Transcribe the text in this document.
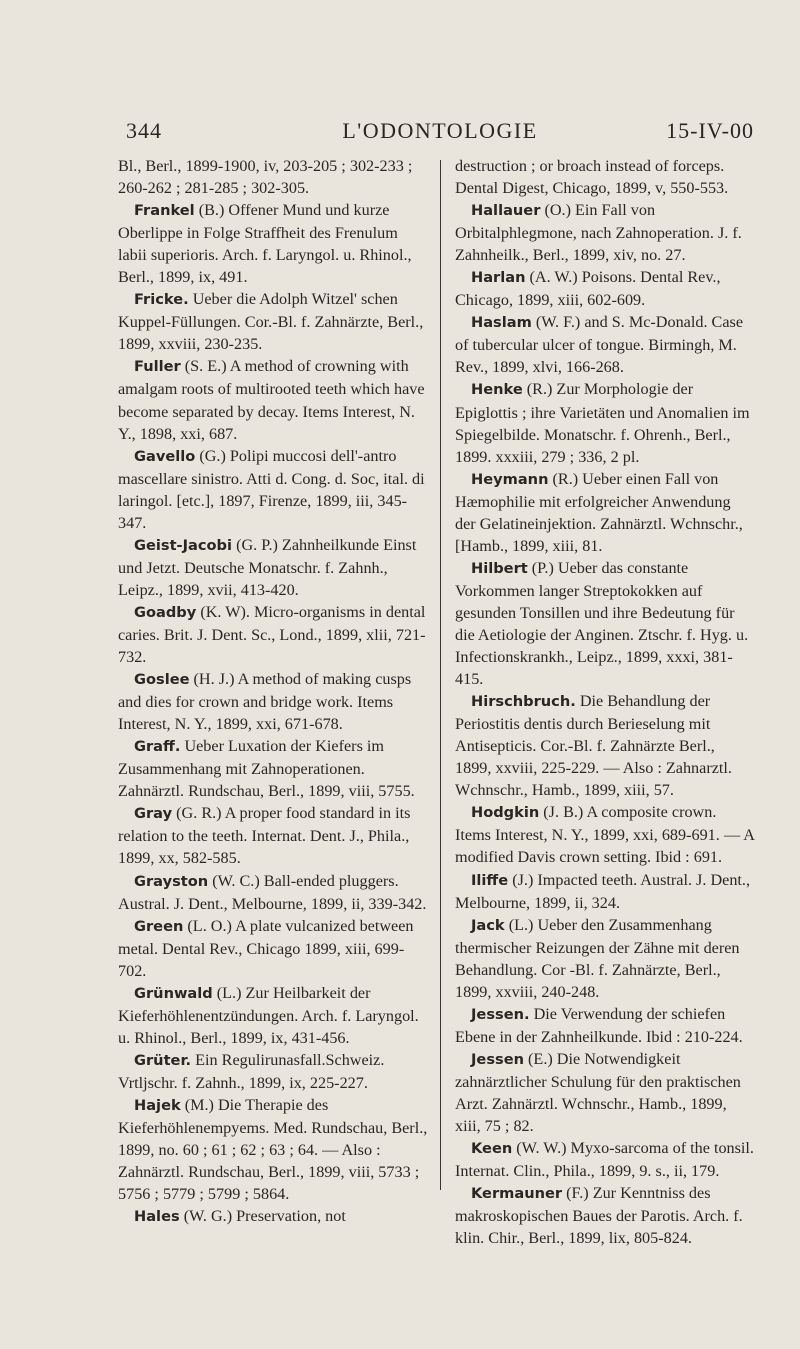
344	L'ODONTOLOGIE	15-IV-00

Bl., Berl., 1899-1900, iv, 203-205 ; 302-233 ; 260-262 ; 281-285 ; 302-305.

Frankel (B.) Offener Mund und kurze Oberlippe in Folge Straffheit des Frenulum labii superioris. Arch. f. Laryngol. u. Rhinol., Berl., 1899, ix, 491.

Fricke. Ueber die Adolph Witzel' schen Kuppel-Füllungen. Cor.-Bl. f. Zahnärzte, Berl., 1899, xxviii, 230-235.

Fuller (S. E.) A method of crowning with amalgam roots of multirooted teeth which have become separated by decay. Items Interest, N. Y., 1898, xxi, 687.

Gavello (G.) Polipi muccosi dell'-antro mascellare sinistro. Atti d. Cong. d. Soc, ital. di laringol. [etc.], 1897, Firenze, 1899, iii, 345-347.

Geist-Jacobi (G. P.) Zahnheilkunde Einst und Jetzt. Deutsche Monatschr. f. Zahnh., Leipz., 1899, xvii, 413-420.

Goadby (K. W). Micro-organisms in dental caries. Brit. J. Dent. Sc., Lond., 1899, xlii, 721-732.

Goslee (H. J.) A method of making cusps and dies for crown and bridge work. Items Interest, N. Y., 1899, xxi, 671-678.

Graff. Ueber Luxation der Kiefers im Zusammenhang mit Zahnoperationen. Zahnärztl. Rundschau, Berl., 1899, viii, 5755.

Gray (G. R.) A proper food standard in its relation to the teeth. Internat. Dent. J., Phila., 1899, xx, 582-585.

Grayston (W. C.) Ball-ended pluggers. Austral. J. Dent., Melbourne, 1899, ii, 339-342.

Green (L. O.) A plate vulcanized between metal. Dental Rev., Chicago 1899, xiii, 699-702.

Grünwald (L.) Zur Heilbarkeit der Kieferhöhlenentzündungen. Arch. f. Laryngol. u. Rhinol., Berl., 1899, ix, 431-456.

Grüter. Ein Regulirunasfall.Schweiz. Vrtljschr. f. Zahnh., 1899, ix, 225-227.

Hajek (M.) Die Therapie des Kieferhöhlenempyems. Med. Rundschau, Berl., 1899, no. 60 ; 61 ; 62 ; 63 ; 64. — Also : Zahnärztl. Rundschau, Berl., 1899, viii, 5733 ; 5756 ; 5779 ; 5799 ; 5864.

Hales (W. G.) Preservation, not

destruction ; or broach instead of forceps. Dental Digest, Chicago, 1899, v, 550-553.

Hallauer (O.) Ein Fall von Orbitalphlegmone, nach Zahnoperation. J. f. Zahnheilk., Berl., 1899, xiv, no. 27.

Harlan (A. W.) Poisons. Dental Rev., Chicago, 1899, xiii, 602-609.

Haslam (W. F.) and S. Mc-Donald. Case of tubercular ulcer of tongue. Birmingh, M. Rev., 1899, xlvi, 166-268.

Henke (R.) Zur Morphologie der Epiglottis ; ihre Varietäten und Anomalien im Spiegelbilde. Monatschr. f. Ohrenh., Berl., 1899. xxxiii, 279 ; 336, 2 pl.

Heymann (R.) Ueber einen Fall von Hæmophilie mit erfolgreicher Anwendung der Gelatineinjektion. Zahnärztl. Wchnschr., [Hamb., 1899, xiii, 81.

Hilbert (P.) Ueber das constante Vorkommen langer Streptokokken auf gesunden Tonsillen und ihre Bedeutung für die Aetiologie der Anginen. Ztschr. f. Hyg. u. Infectionskrankh., Leipz., 1899, xxxi, 381-415.

Hirschbruch. Die Behandlung der Periostitis dentis durch Berieselung mit Antisepticis. Cor.-Bl. f. Zahnärzte Berl., 1899, xxviii, 225-229. — Also : Zahnarztl. Wchnschr., Hamb., 1899, xiii, 57.

Hodgkin (J. B.) A composite crown. Items Interest, N. Y., 1899, xxi, 689-691. — A modified Davis crown setting. Ibid : 691.

Iliffe (J.) Impacted teeth. Austral. J. Dent., Melbourne, 1899, ii, 324.

Jack (L.) Ueber den Zusammenhang thermischer Reizungen der Zähne mit deren Behandlung. Cor -Bl. f. Zahnärzte, Berl., 1899, xxviii, 240-248.

Jessen. Die Verwendung der schiefen Ebene in der Zahnheilkunde. Ibid : 210-224.

Jessen (E.) Die Notwendigkeit zahnärztlicher Schulung für den praktischen Arzt. Zahnärztl. Wchnschr., Hamb., 1899, xiii, 75 ; 82.

Keen (W. W.) Myxo-sarcoma of the tonsil. Internat. Clin., Phila., 1899, 9. s., ii, 179.

Kermauner (F.) Zur Kenntniss des makroskopischen Baues der Parotis. Arch. f. klin. Chir., Berl., 1899, lix, 805-824.
